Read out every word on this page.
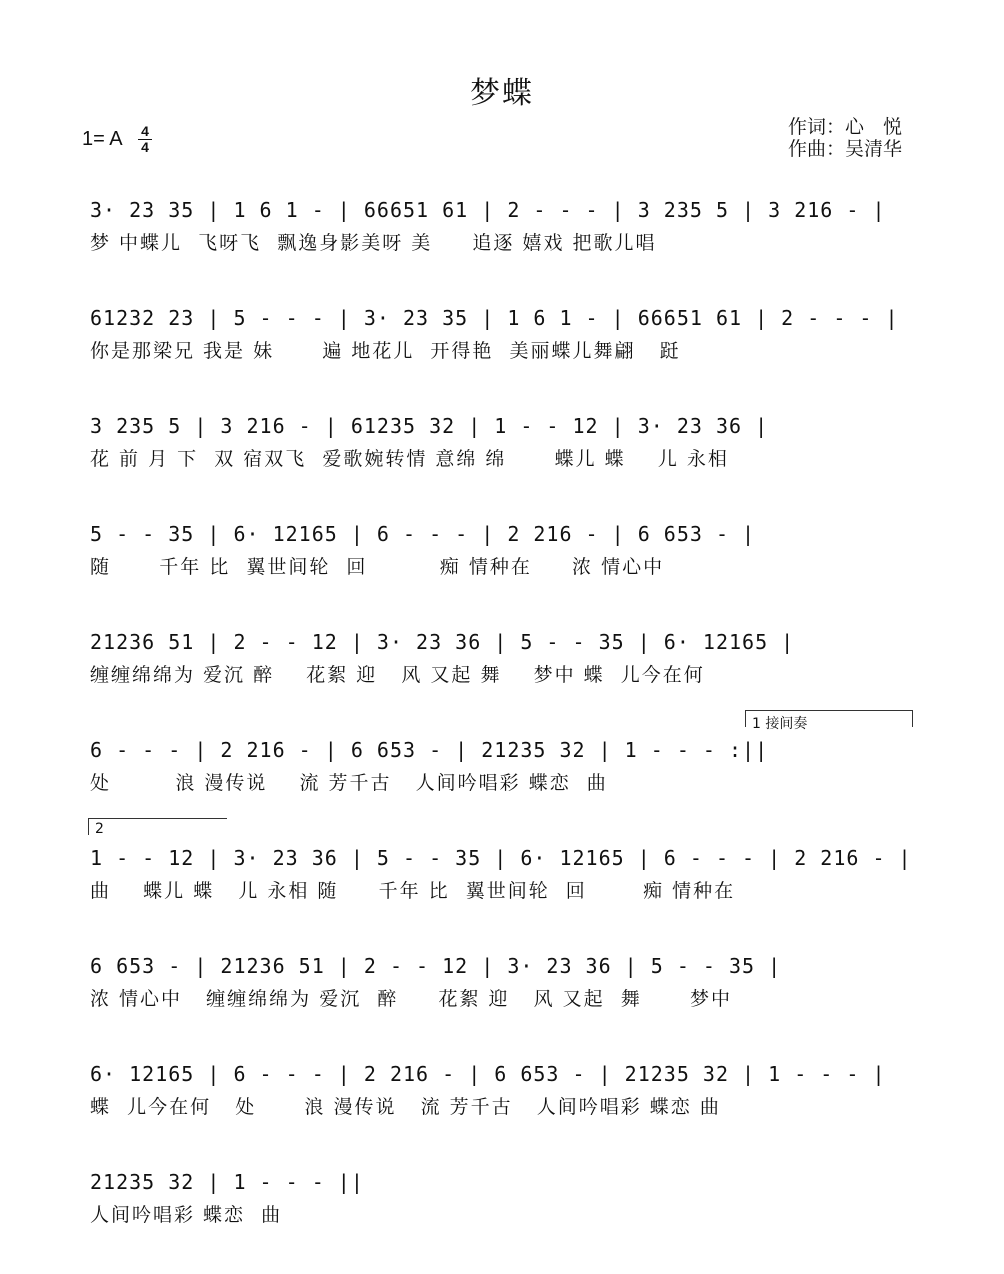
梦蝶
1= A 4
4
作词：心　悦
作曲：吴清华
1 接间奏
2
3· 23 35 | 1 6 1 - | 66651 61 | 2 - - - | 3 235 5 | 3 216 - |
梦 中蝶儿  飞呀飞  飘逸身影美呀 美     追逐 嬉戏 把歌儿唱
61232 23 | 5 - - - | 3· 23 35 | 1 6 1 - | 66651 61 | 2 - - - |
你是那梁兄 我是 妹      遍 地花儿  开得艳  美丽蝶儿舞翩   跹
3 235 5 | 3 216 - | 61235 32 | 1 - - 12 | 3· 23 36 |
花 前 月 下  双 宿双飞  爱歌婉转情 意绵 绵      蝶儿 蝶    儿 永相
5 - - 35 | 6· 12165 | 6 - - - | 2 216 - | 6 653 - |
随      千年 比  翼世间轮  回         痴 情种在     浓 情心中
21236 51 | 2 - - 12 | 3· 23 36 | 5 - - 35 | 6· 12165 |
缠缠绵绵为 爱沉 醉    花絮 迎   风 又起 舞    梦中 蝶  儿今在何
6 - - - | 2 216 - | 6 653 - | 21235 32 | 1 - - - :||
处        浪 漫传说    流 芳千古   人间吟唱彩 蝶恋  曲
1 - - 12 | 3· 23 36 | 5 - - 35 | 6· 12165 | 6 - - - | 2 216 - |
曲    蝶儿 蝶   儿 永相 随     千年 比  翼世间轮  回       痴 情种在
6 653 - | 21236 51 | 2 - - 12 | 3· 23 36 | 5 - - 35 |
浓 情心中   缠缠绵绵为 爱沉  醉     花絮 迎   风 又起  舞      梦中
6· 12165 | 6 - - - | 2 216 - | 6 653 - | 21235 32 | 1 - - - |
蝶  儿今在何   处      浪 漫传说   流 芳千古   人间吟唱彩 蝶恋 曲
21235 32 | 1 - - - ||
人间吟唱彩 蝶恋  曲
